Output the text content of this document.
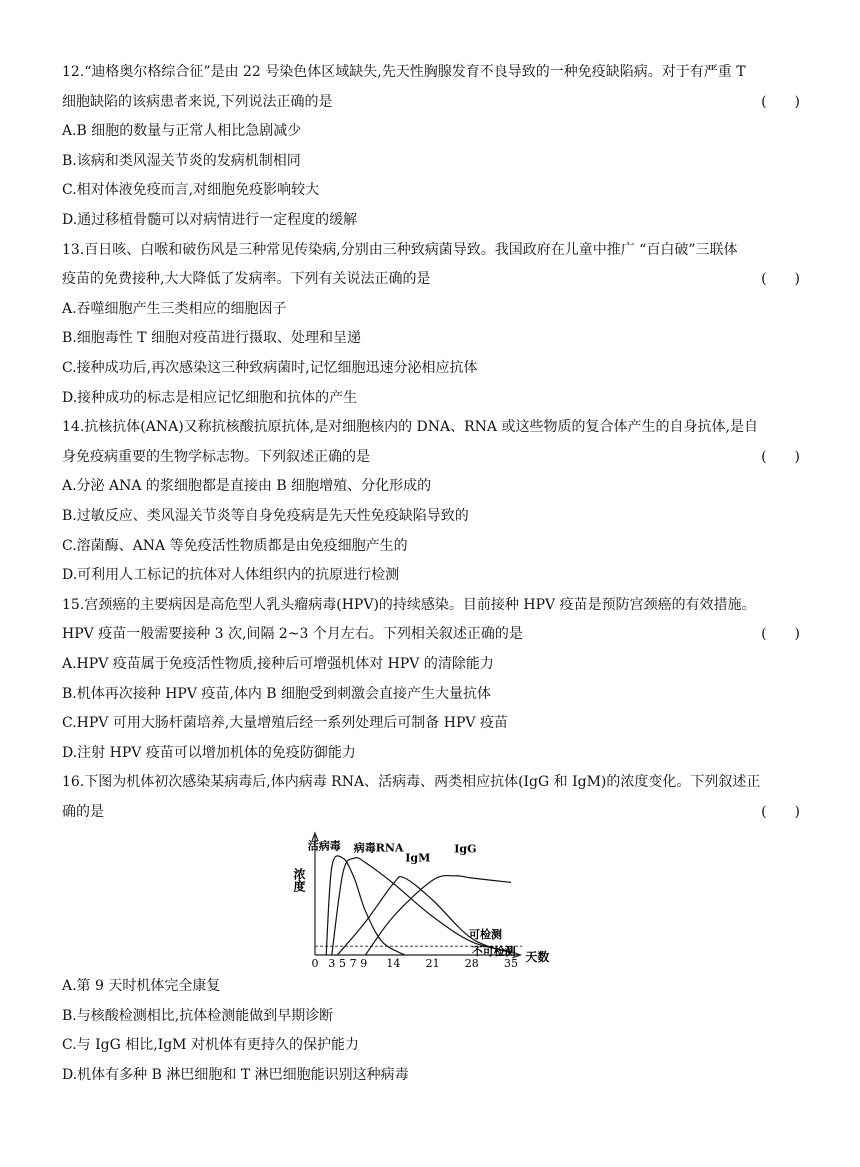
12.“迪格奥尔格综合征”是由 22 号染色体区域缺失,先天性胸腺发育不良导致的一种免疫缺陷病。对于有严重 T
细胞缺陷的该病患者来说,下列说法正确的是	(　　)
A.B 细胞的数量与正常人相比急剧减少
B.该病和类风湿关节炎的发病机制相同
C.相对体液免疫而言,对细胞免疫影响较大
D.通过移植骨髓可以对病情进行一定程度的缓解
13.百日咳、白喉和破伤风是三种常见传染病,分别由三种致病菌导致。我国政府在儿童中推广 “百白破”三联体
疫苗的免费接种,大大降低了发病率。下列有关说法正确的是	(　　)
A.吞噬细胞产生三类相应的细胞因子
B.细胞毒性 T 细胞对疫苗进行摄取、处理和呈递
C.接种成功后,再次感染这三种致病菌时,记忆细胞迅速分泌相应抗体
D.接种成功的标志是相应记忆细胞和抗体的产生
14.抗核抗体(ANA)又称抗核酸抗原抗体,是对细胞核内的 DNA、RNA 或这些物质的复合体产生的自身抗体,是自
身免疫病重要的生物学标志物。下列叙述正确的是	(　　)
A.分泌 ANA 的浆细胞都是直接由 B 细胞增殖、分化形成的
B.过敏反应、类风湿关节炎等自身免疫病是先天性免疫缺陷导致的
C.溶菌酶、ANA 等免疫活性物质都是由免疫细胞产生的
D.可利用人工标记的抗体对人体组织内的抗原进行检测
15.宫颈癌的主要病因是高危型人乳头瘤病毒(HPV)的持续感染。目前接种 HPV 疫苗是预防宫颈癌的有效措施。
HPV 疫苗一般需要接种 3 次,间隔 2~3 个月左右。下列相关叙述正确的是	(　　)
A.HPV 疫苗属于免疫活性物质,接种后可增强机体对 HPV 的清除能力
B.机体再次接种 HPV 疫苗,体内 B 细胞受到刺激会直接产生大量抗体
C.HPV 可用大肠杆菌培养,大量增殖后经一系列处理后可制备 HPV 疫苗
D.注射 HPV 疫苗可以增加机体的免疫防御能力
16.下图为机体初次感染某病毒后,体内病毒 RNA、活病毒、两类相应抗体(IgG 和 IgM)的浓度变化。下列叙述正
确的是	(　　)
A.第 9 天时机体完全康复
B.与核酸检测相比,抗体检测能做到早期诊断
C.与 IgG 相比,IgM 对机体有更持久的保护能力
D.机体有多种 B 淋巴细胞和 T 淋巴细胞能识别这种病毒
浓度
天数
0 3 5 7 9 14 21 28 35
可检测
不可检测
活病毒 病毒RNA
IgM
IgG
